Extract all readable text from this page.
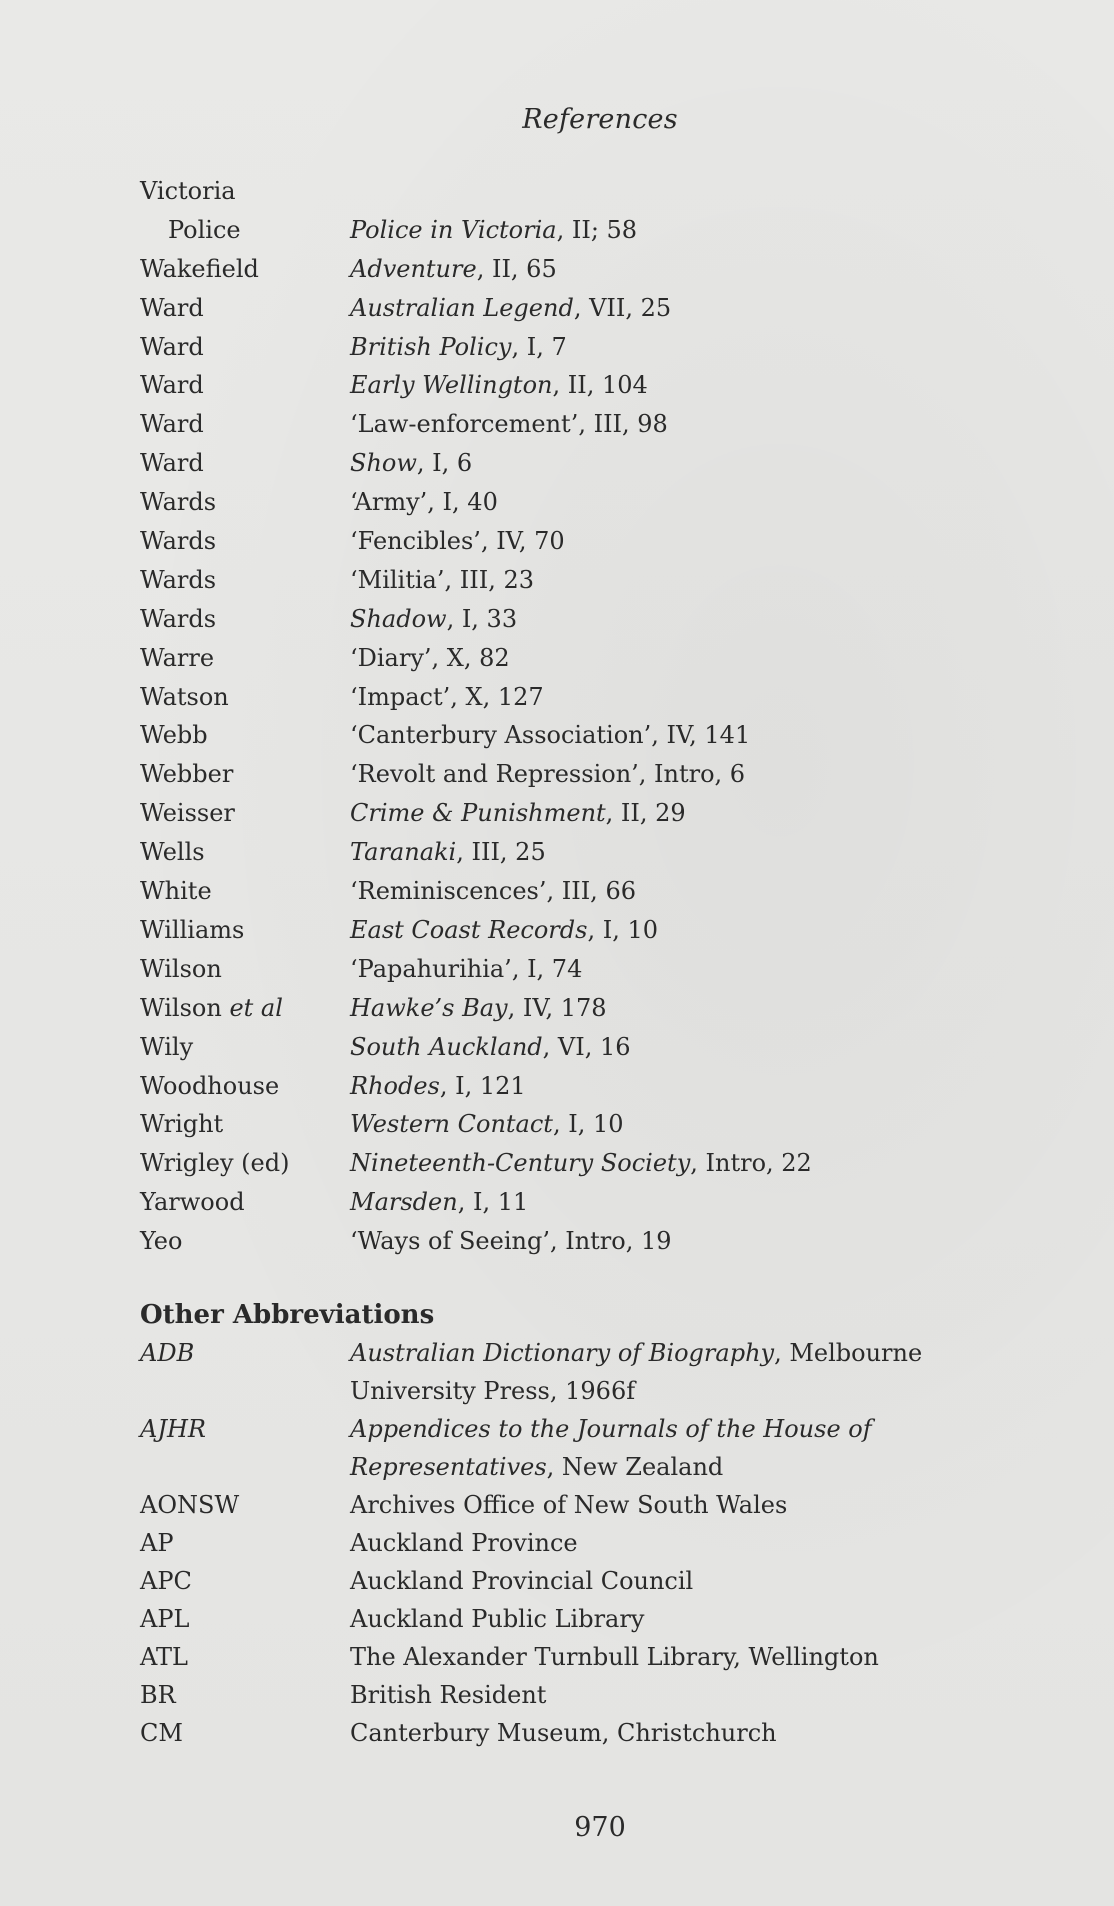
References
Victoria
Police	Police in Victoria, II; 58
Wakefield	Adventure, II, 65
Ward	Australian Legend, VII, 25
Ward	British Policy, I, 7
Ward	Early Wellington, II, 104
Ward	‘Law-enforcement’, III, 98
Ward	Show, I, 6
Wards	‘Army’, I, 40
Wards	‘Fencibles’, IV, 70
Wards	‘Militia’, III, 23
Wards	Shadow, I, 33
Warre	‘Diary’, X, 82
Watson	‘Impact’, X, 127
Webb	‘Canterbury Association’, IV, 141
Webber	‘Revolt and Repression’, Intro, 6
Weisser	Crime & Punishment, II, 29
Wells	Taranaki, III, 25
White	‘Reminiscences’, III, 66
Williams	East Coast Records, I, 10
Wilson	‘Papahurihia’, I, 74
Wilson et al	Hawke’s Bay, IV, 178
Wily	South Auckland, VI, 16
Woodhouse	Rhodes, I, 121
Wright	Western Contact, I, 10
Wrigley (ed)	Nineteenth-Century Society, Intro, 22
Yarwood	Marsden, I, 11
Yeo	‘Ways of Seeing’, Intro, 19
Other Abbreviations
ADB	Australian Dictionary of Biography, Melbourne University Press, 1966f
AJHR	Appendices to the Journals of the House of Representatives, New Zealand
AONSW	Archives Office of New South Wales
AP	Auckland Province
APC	Auckland Provincial Council
APL	Auckland Public Library
ATL	The Alexander Turnbull Library, Wellington
BR	British Resident
CM	Canterbury Museum, Christchurch
970
